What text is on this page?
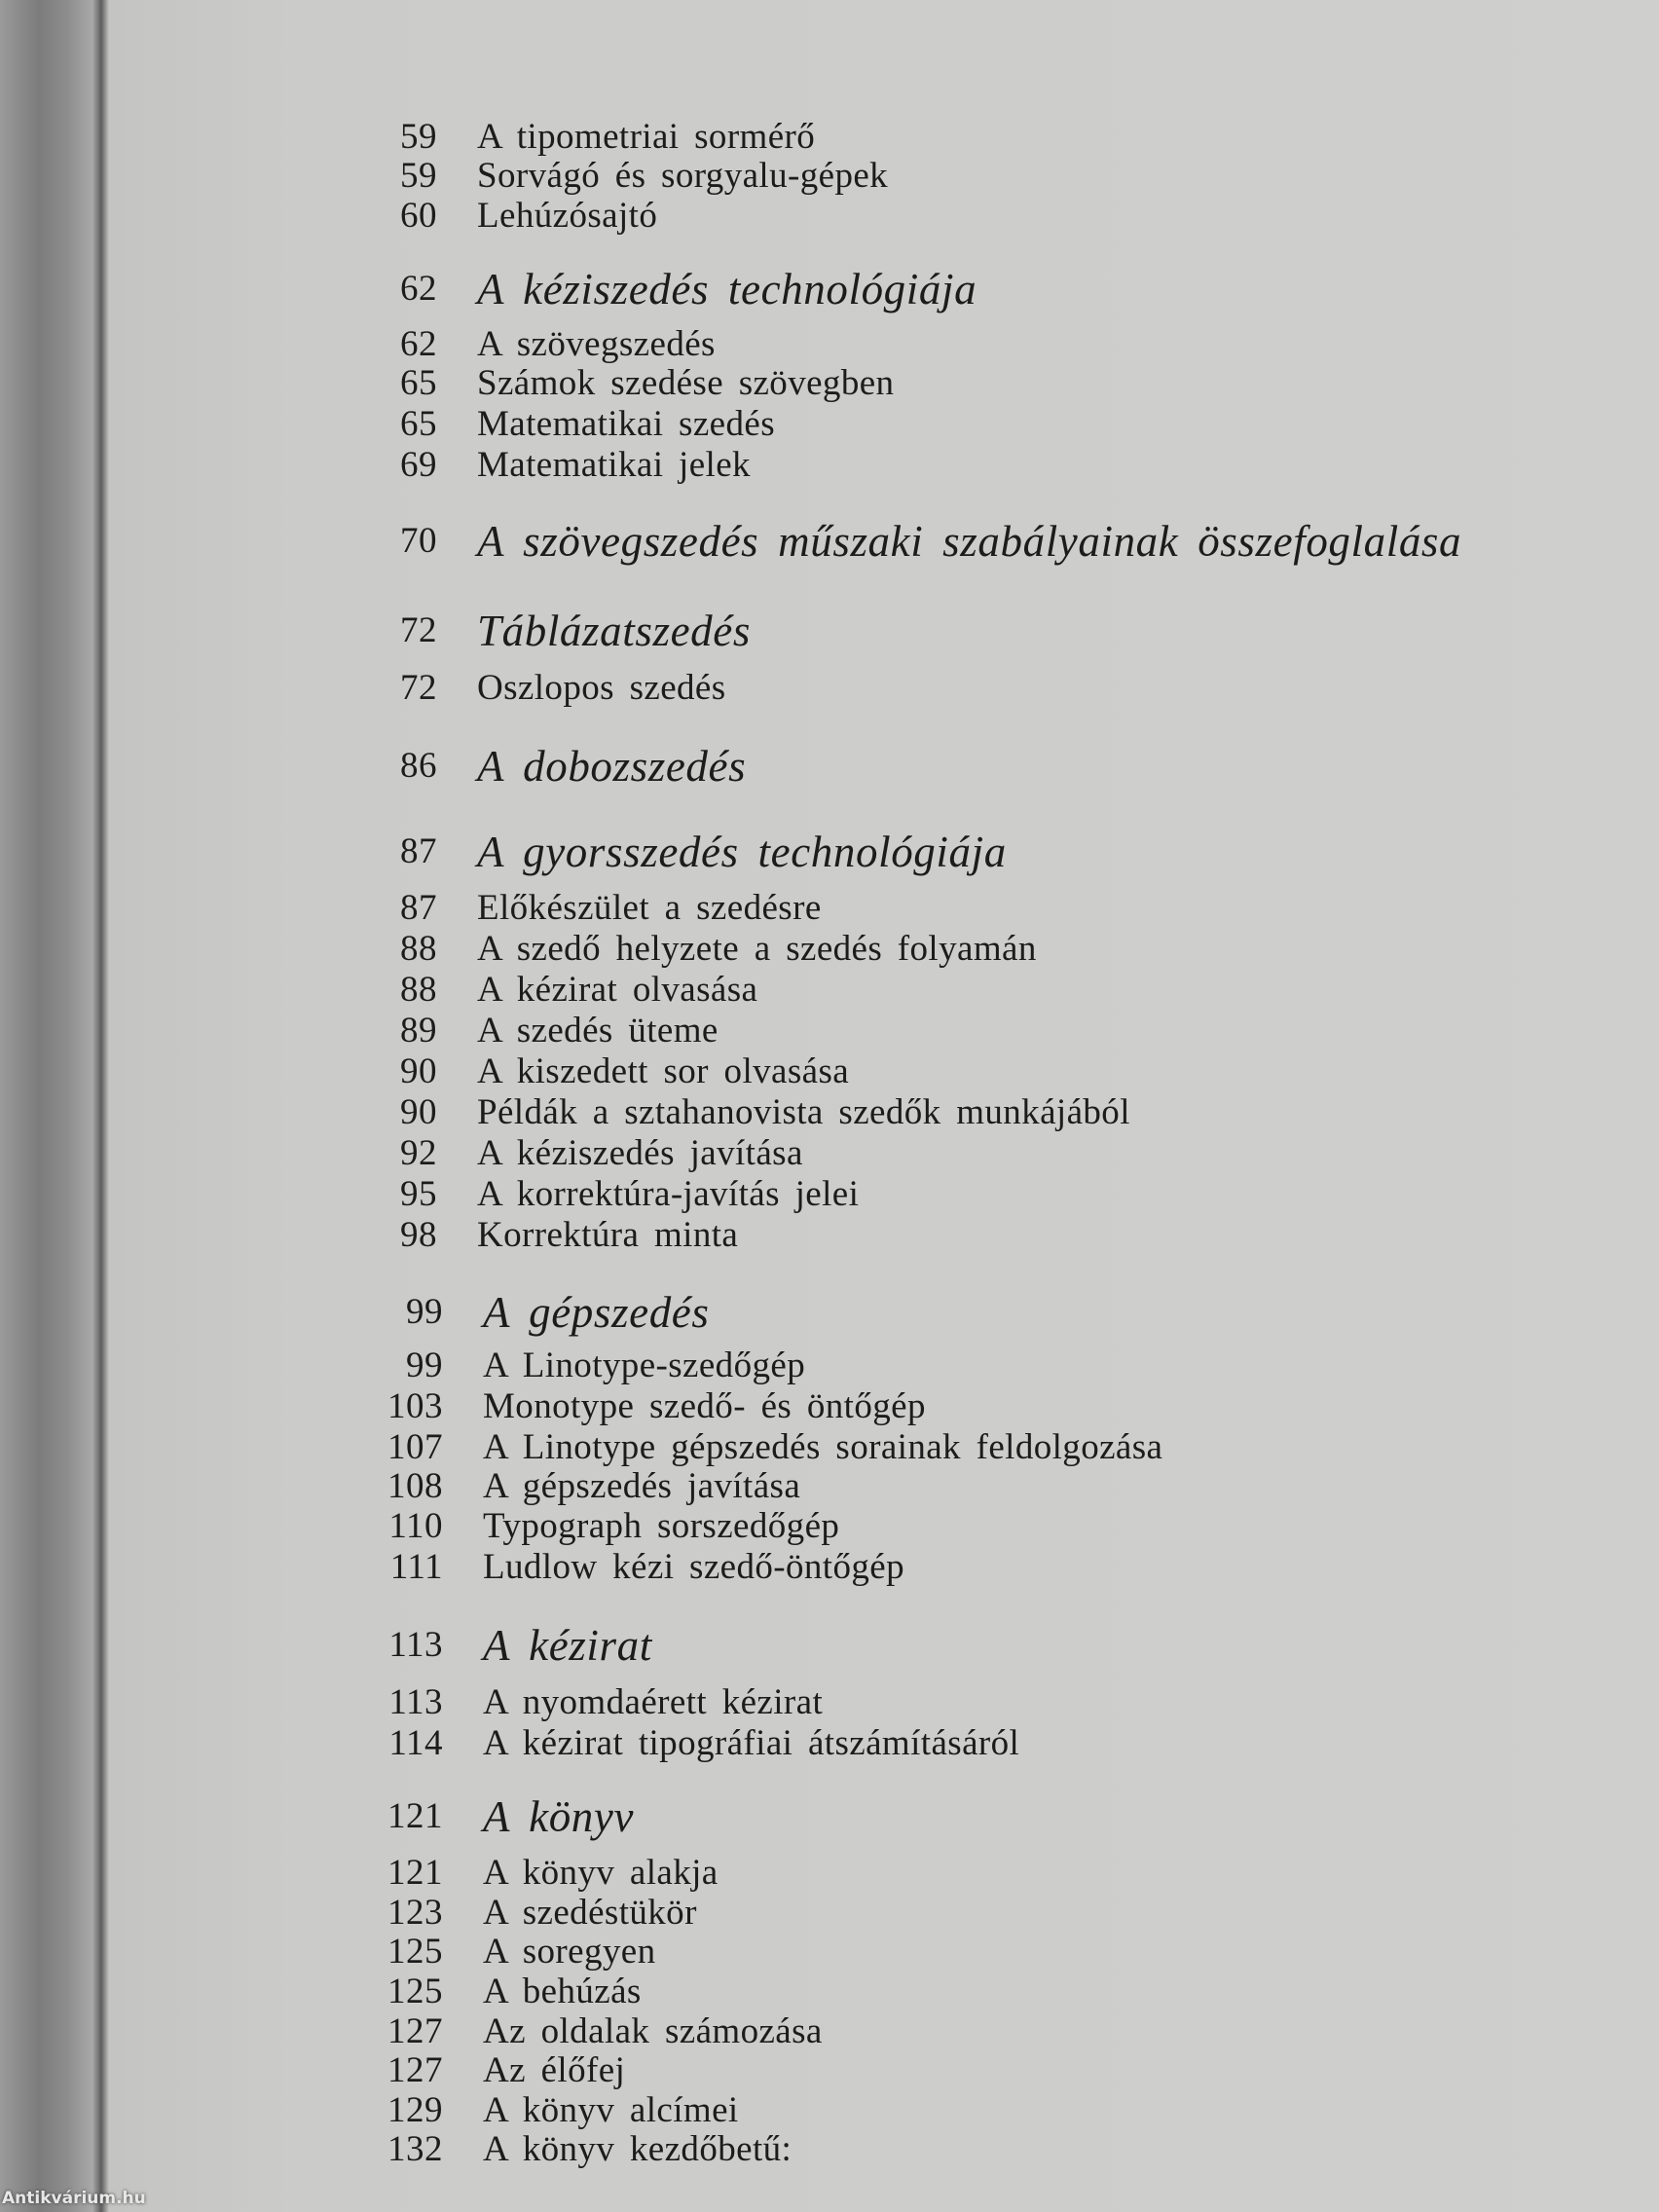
59 A tipometriai sormérő
59 Sorvágó és sorgyalu-gépek
60 Lehúzósajtó
62 A kéziszedés technológiája
62 A szövegszedés
65 Számok szedése szövegben
65 Matematikai szedés
69 Matematikai jelek
70 A szövegszedés műszaki szabályainak összefoglalása
72 Táblázatszedés
72 Oszlopos szedés
86 A dobozszedés
87 A gyorsszedés technológiája
87 Előkészület a szedésre
88 A szedő helyzete a szedés folyamán
88 A kézirat olvasása
89 A szedés üteme
90 A kiszedett sor olvasása
90 Példák a sztahanovista szedők munkájából
92 A kéziszedés javítása
95 A korrektúra-javítás jelei
98 Korrektúra minta
99 A gépszedés
99 A Linotype-szedőgép
103 Monotype szedő- és öntőgép
107 A Linotype gépszedés sorainak feldolgozása
108 A gépszedés javítása
110 Typograph sorszedőgép
111 Ludlow kézi szedő-öntőgép
113 A kézirat
113 A nyomdaérett kézirat
114 A kézirat tipográfiai átszámításáról
121 A könyv
121 A könyv alakja
123 A szedéstükör
125 A soregyen
125 A behúzás
127 Az oldalak számozása
127 Az élőfej
129 A könyv alcímei
132 A könyv kezdőbetű:
Antikvárium.hu
